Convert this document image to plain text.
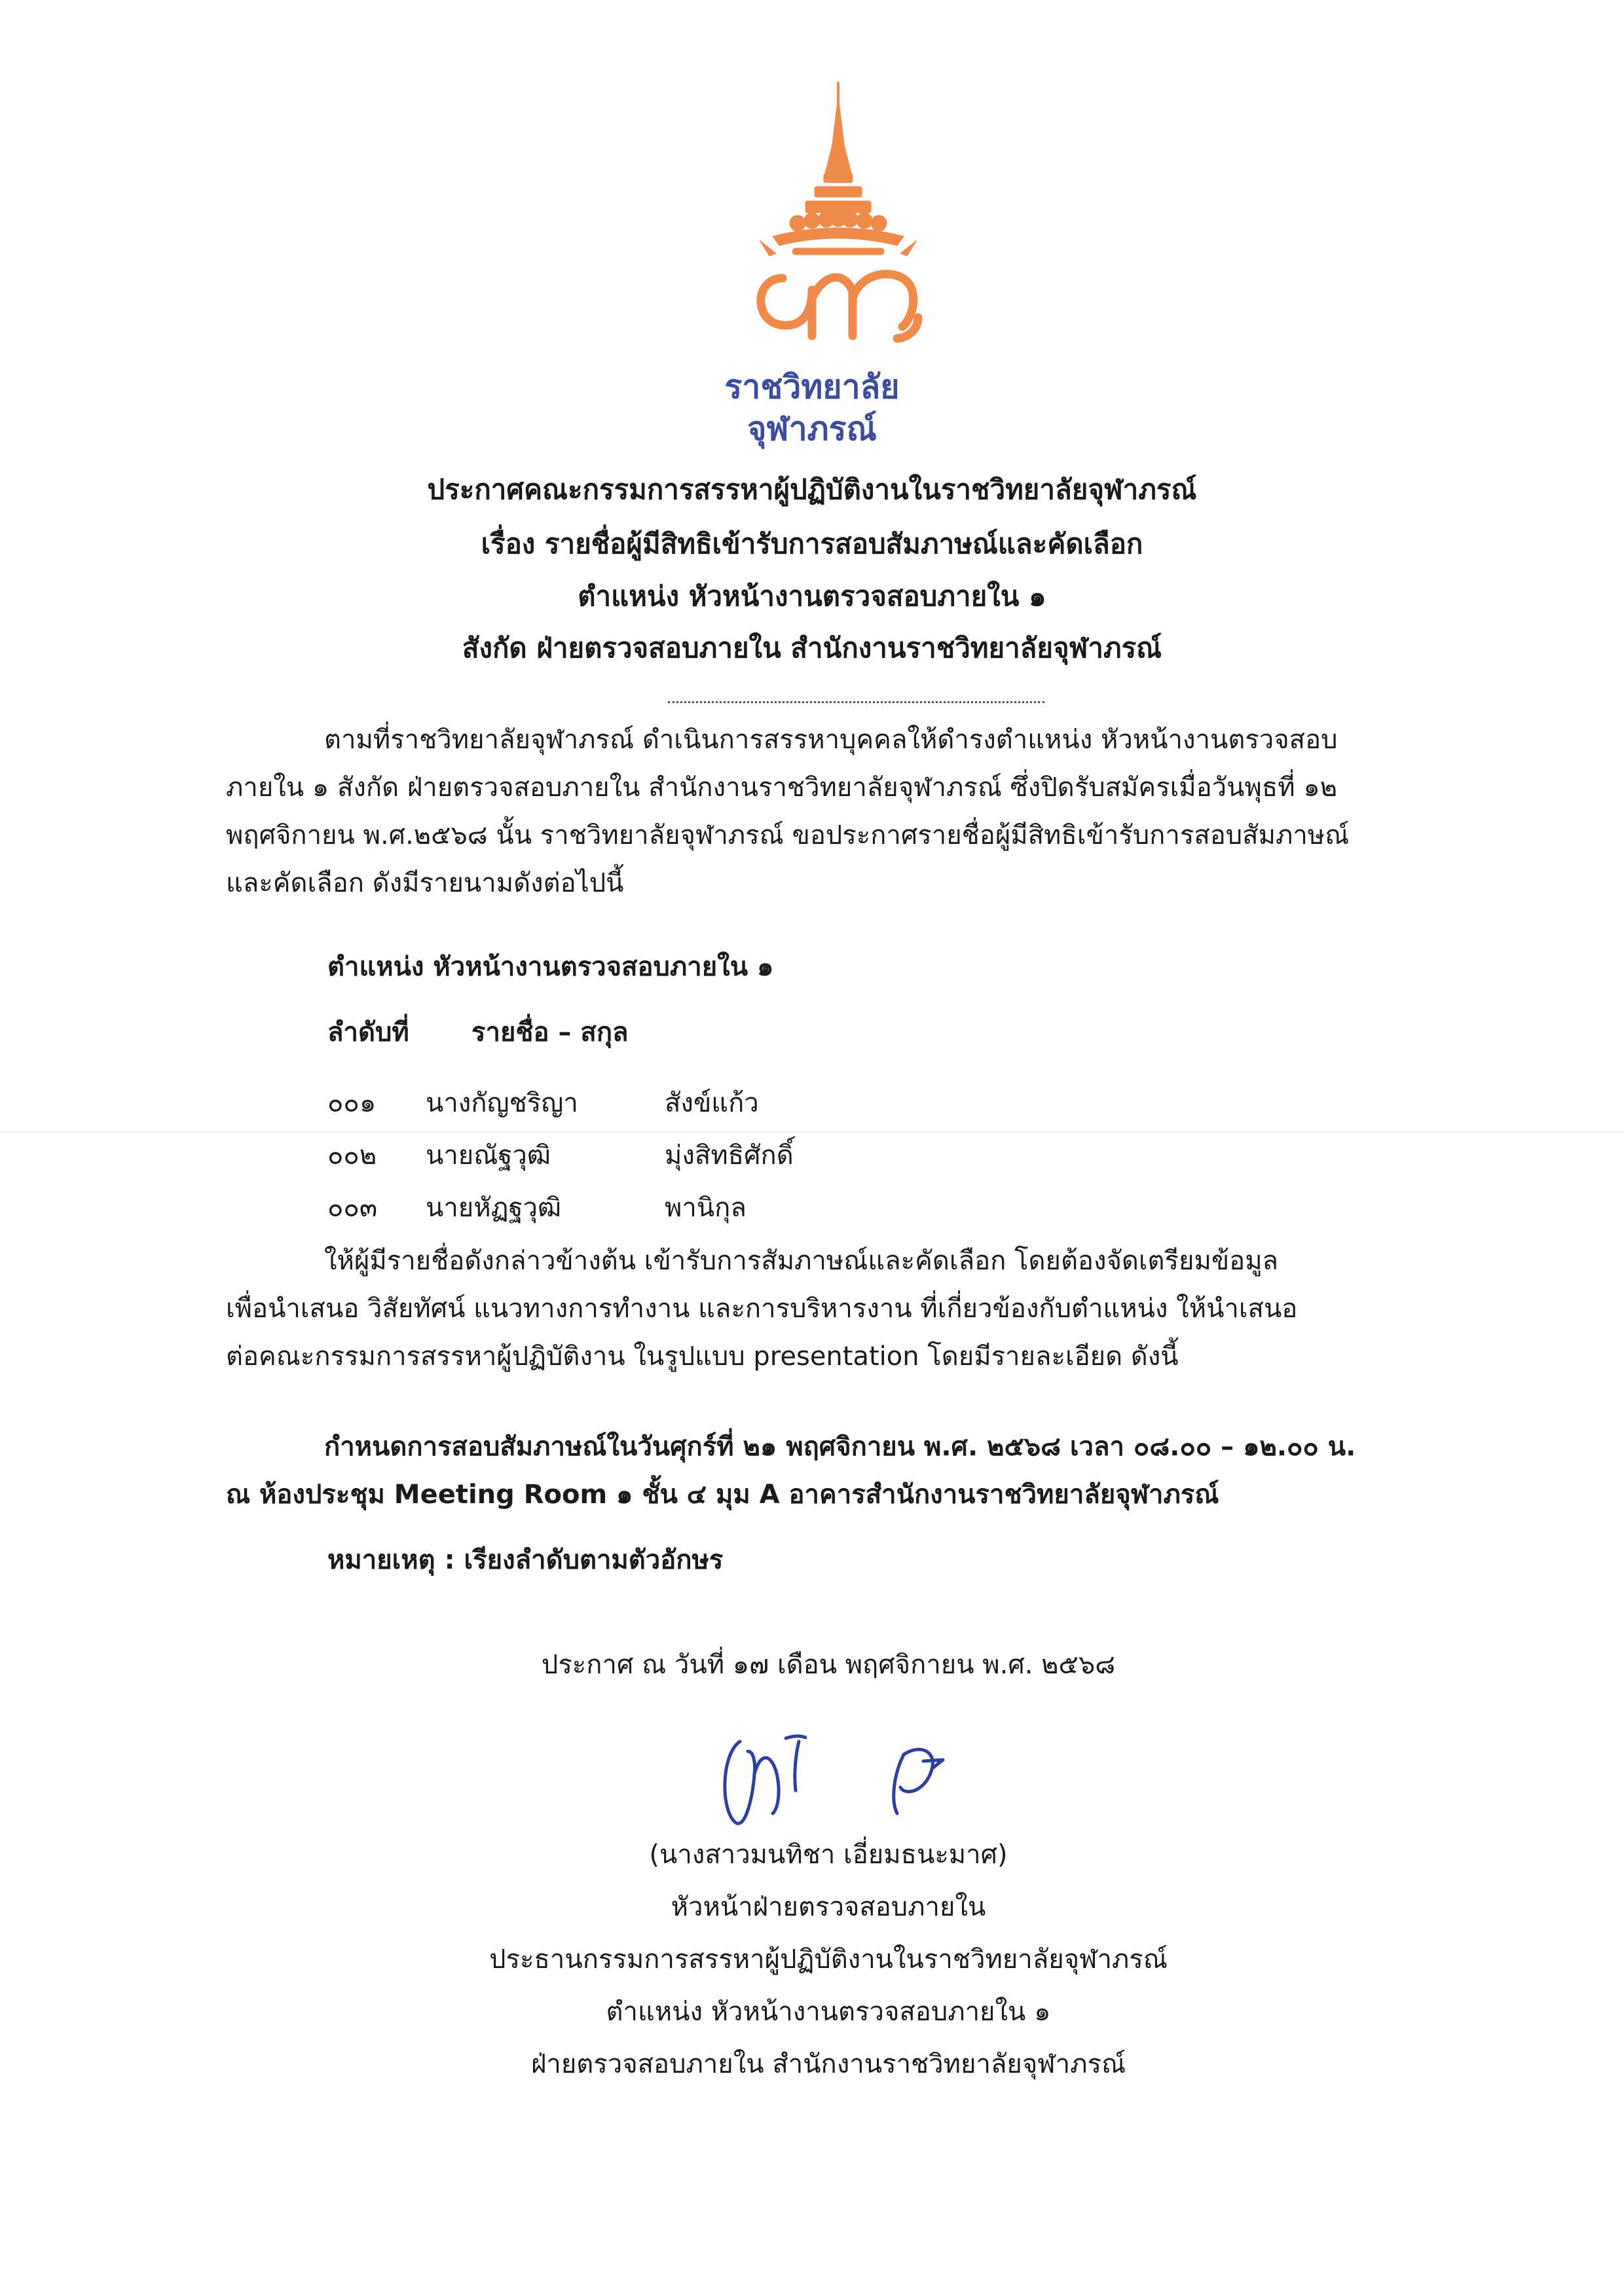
ราชวิทยาลัย
จุฬาภรณ์
ประกาศคณะกรรมการสรรหาผู้ปฏิบัติงานในราชวิทยาลัยจุฬาภรณ์
เรื่อง รายชื่อผู้มีสิทธิเข้ารับการสอบสัมภาษณ์และคัดเลือก
ตำแหน่ง หัวหน้างานตรวจสอบภายใน ๑
สังกัด ฝ่ายตรวจสอบภายใน สำนักงานราชวิทยาลัยจุฬาภรณ์
ตามที่ราชวิทยาลัยจุฬาภรณ์ ดำเนินการสรรหาบุคคลให้ดำรงตำแหน่ง หัวหน้างานตรวจสอบ
ภายใน ๑ สังกัด ฝ่ายตรวจสอบภายใน สำนักงานราชวิทยาลัยจุฬาภรณ์ ซึ่งปิดรับสมัครเมื่อวันพุธที่ ๑๒
พฤศจิกายน พ.ศ.๒๕๖๘ นั้น ราชวิทยาลัยจุฬาภรณ์ ขอประกาศรายชื่อผู้มีสิทธิเข้ารับการสอบสัมภาษณ์
และคัดเลือก ดังมีรายนามดังต่อไปนี้
ตำแหน่ง หัวหน้างานตรวจสอบภายใน ๑
ลำดับที่ รายชื่อ – สกุล
๐๐๑ นางกัญชริญา	สังข์แก้ว
๐๐๒ นายณัฐวุฒิ	มุ่งสิทธิศักดิ์
๐๐๓ นายหัฏฐวุฒิ	พานิกุล
ให้ผู้มีรายชื่อดังกล่าวข้างต้น เข้ารับการสัมภาษณ์และคัดเลือก โดยต้องจัดเตรียมข้อมูล
เพื่อนำเสนอ วิสัยทัศน์ แนวทางการทำงาน และการบริหารงาน ที่เกี่ยวข้องกับตำแหน่ง ให้นำเสนอ
ต่อคณะกรรมการสรรหาผู้ปฏิบัติงาน ในรูปแบบ presentation โดยมีรายละเอียด ดังนี้
กำหนดการสอบสัมภาษณ์ในวันศุกร์ที่ ๒๑ พฤศจิกายน พ.ศ. ๒๕๖๘ เวลา ๐๘.๐๐ – ๑๒.๐๐ น.
ณ ห้องประชุม Meeting Room ๑ ชั้น ๔ มุม A อาคารสำนักงานราชวิทยาลัยจุฬาภรณ์
หมายเหตุ : เรียงลำดับตามตัวอักษร
ประกาศ ณ วันที่ ๑๗ เดือน พฤศจิกายน พ.ศ. ๒๕๖๘
(นางสาวมนทิชา เอี่ยมธนะมาศ)
หัวหน้าฝ่ายตรวจสอบภายใน
ประธานกรรมการสรรหาผู้ปฏิบัติงานในราชวิทยาลัยจุฬาภรณ์
ตำแหน่ง หัวหน้างานตรวจสอบภายใน ๑
ฝ่ายตรวจสอบภายใน สำนักงานราชวิทยาลัยจุฬาภรณ์
